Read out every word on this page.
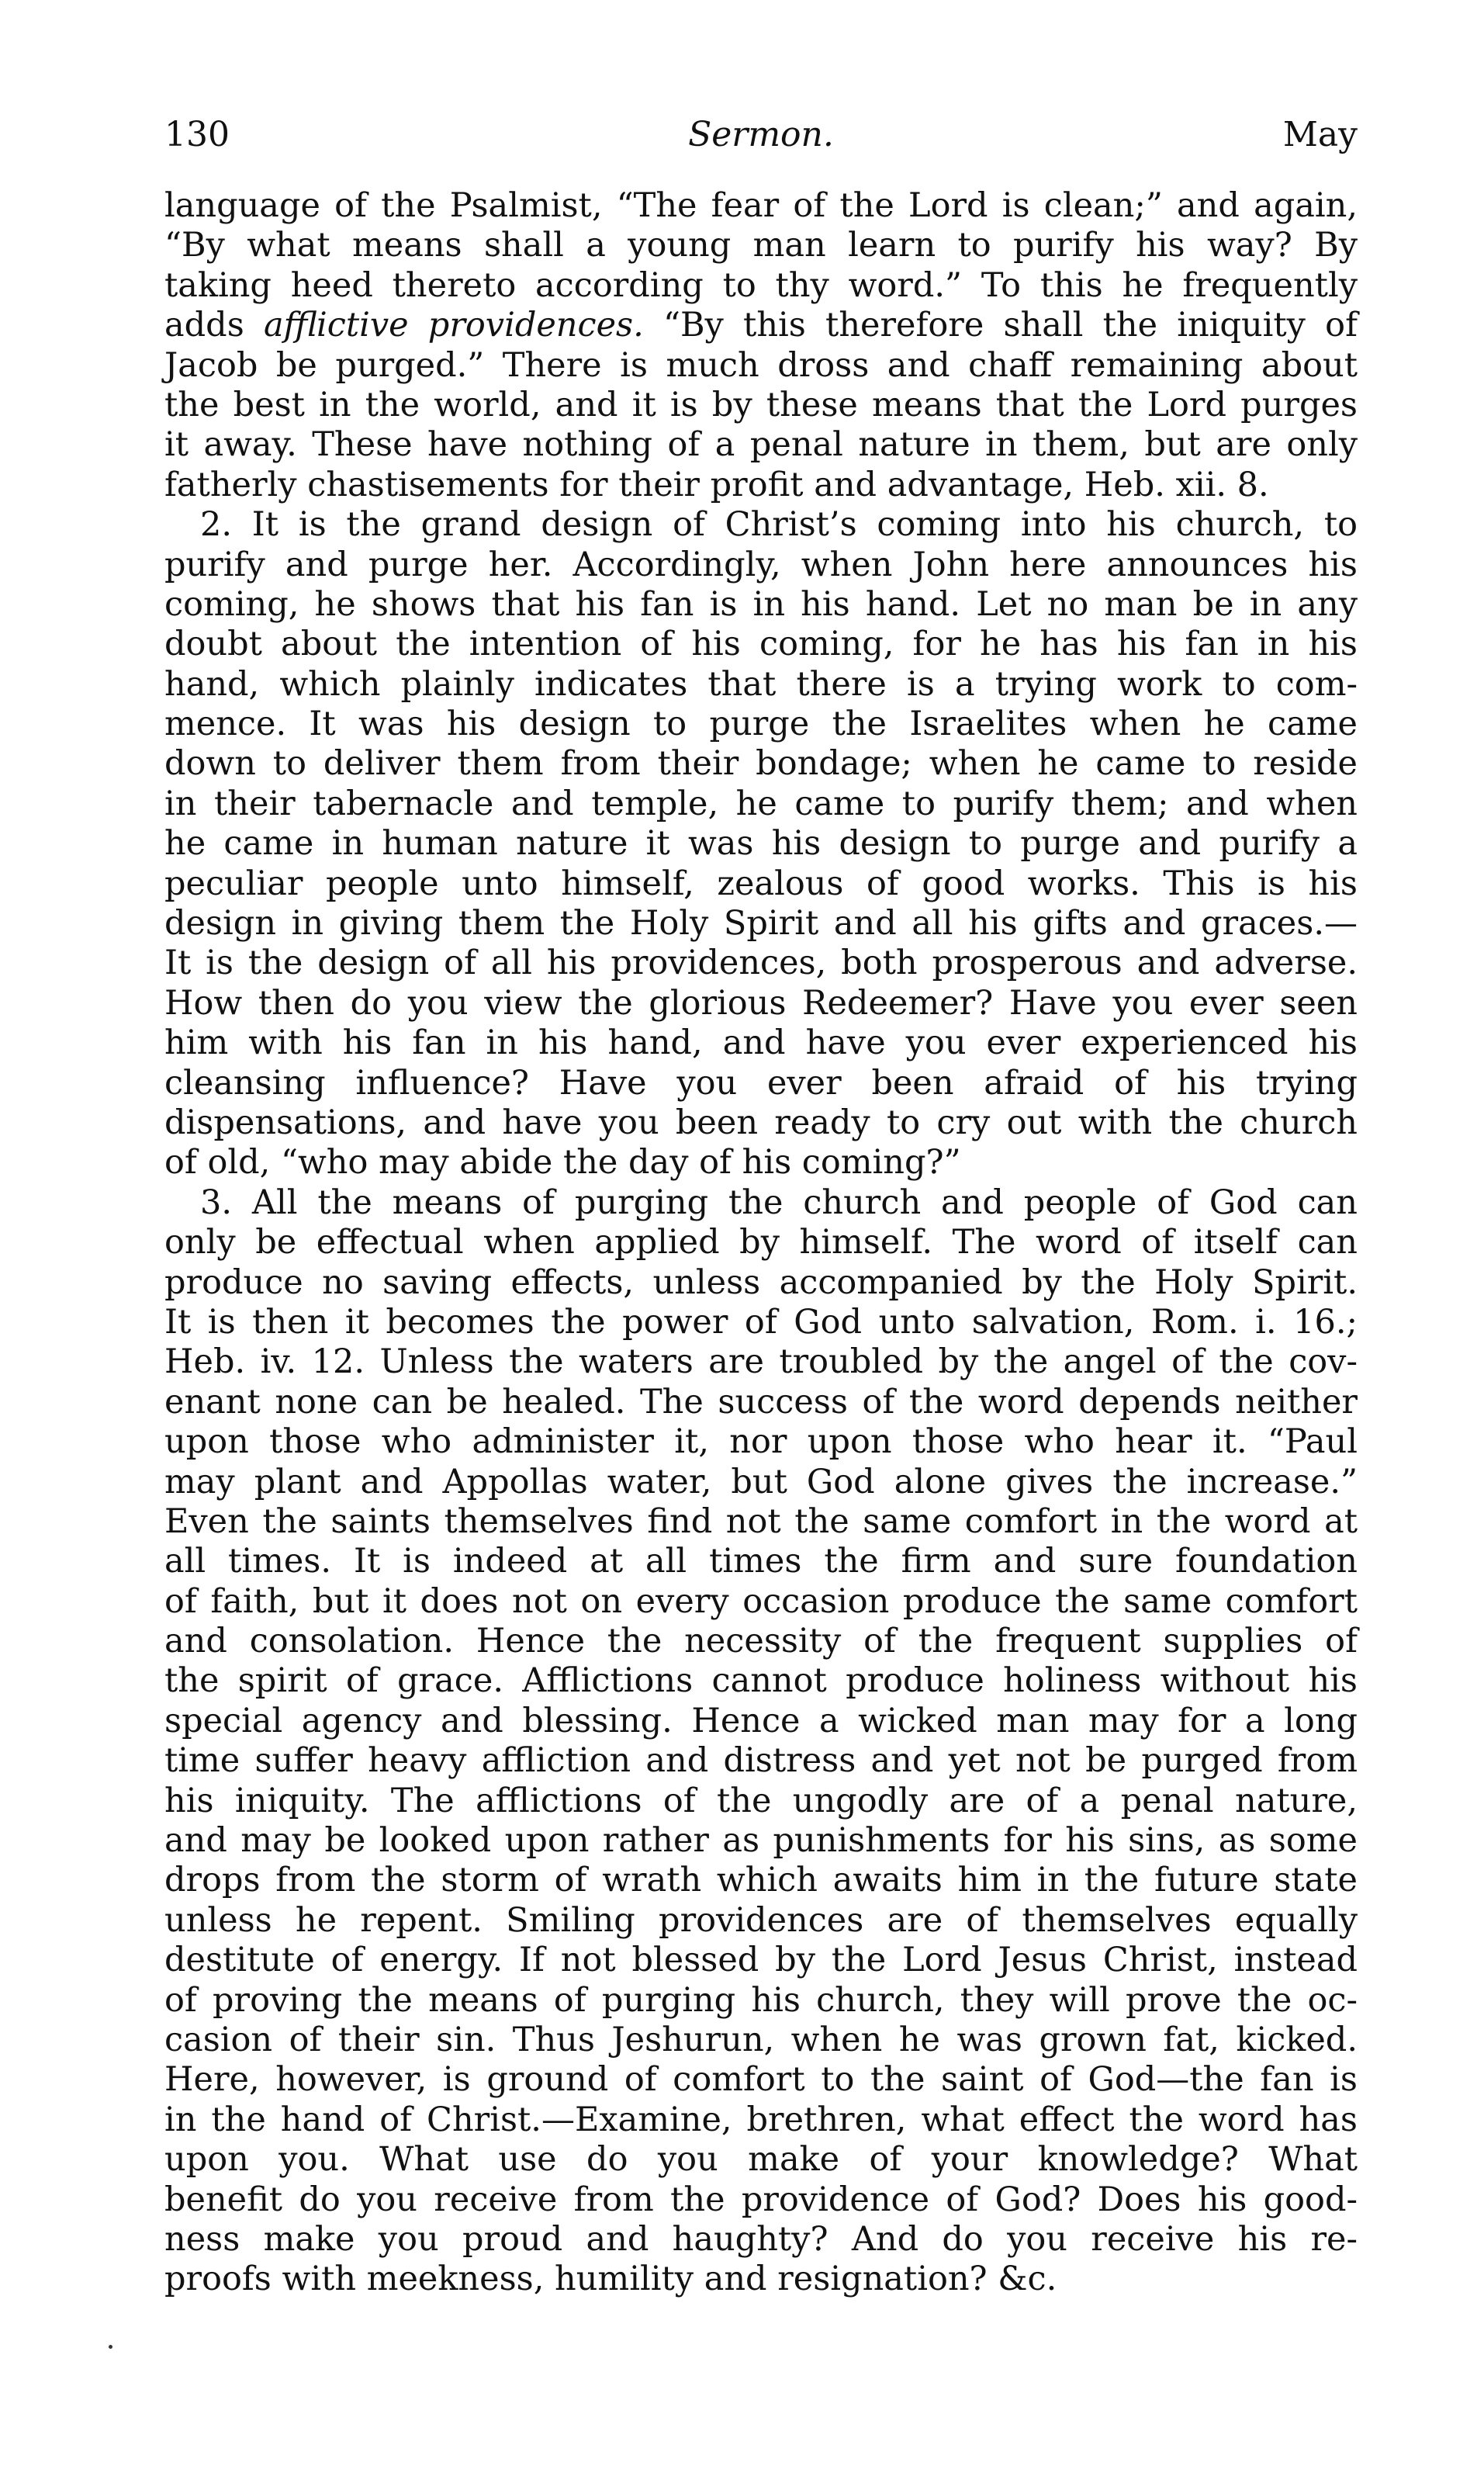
130	Sermon.	May
language of the Psalmist, “The fear of the Lord is clean;” and again,
“By what means shall a young man learn to purify his way? By
taking heed thereto according to thy word.” To this he frequently
adds afflictive providences. “By this therefore shall the iniquity of
Jacob be purged.” There is much dross and chaff remaining about
the best in the world, and it is by these means that the Lord purges
it away. These have nothing of a penal nature in them, but are only
fatherly chastisements for their profit and advantage, Heb. xii. 8.
2. It is the grand design of Christ’s coming into his church, to
purify and purge her. Accordingly, when John here announces his
coming, he shows that his fan is in his hand. Let no man be in any
doubt about the intention of his coming, for he has his fan in his
hand, which plainly indicates that there is a trying work to com-
mence. It was his design to purge the Israelites when he came
down to deliver them from their bondage; when he came to reside
in their tabernacle and temple, he came to purify them; and when
he came in human nature it was his design to purge and purify a
peculiar people unto himself, zealous of good works. This is his
design in giving them the Holy Spirit and all his gifts and graces.—
It is the design of all his providences, both prosperous and adverse.
How then do you view the glorious Redeemer? Have you ever seen
him with his fan in his hand, and have you ever experienced his
cleansing influence? Have you ever been afraid of his trying
dispensations, and have you been ready to cry out with the church
of old, “who may abide the day of his coming?”
3. All the means of purging the church and people of God can
only be effectual when applied by himself. The word of itself can
produce no saving effects, unless accompanied by the Holy Spirit.
It is then it becomes the power of God unto salvation, Rom. i. 16.;
Heb. iv. 12. Unless the waters are troubled by the angel of the cov-
enant none can be healed. The success of the word depends neither
upon those who administer it, nor upon those who hear it. “Paul
may plant and Appollas water, but God alone gives the increase.”
Even the saints themselves find not the same comfort in the word at
all times. It is indeed at all times the firm and sure foundation
of faith, but it does not on every occasion produce the same comfort
and consolation. Hence the necessity of the frequent supplies of
the spirit of grace. Afflictions cannot produce holiness without his
special agency and blessing. Hence a wicked man may for a long
time suffer heavy affliction and distress and yet not be purged from
his iniquity. The afflictions of the ungodly are of a penal nature,
and may be looked upon rather as punishments for his sins, as some
drops from the storm of wrath which awaits him in the future state
unless he repent. Smiling providences are of themselves equally
destitute of energy. If not blessed by the Lord Jesus Christ, instead
of proving the means of purging his church, they will prove the oc-
casion of their sin. Thus Jeshurun, when he was grown fat, kicked.
Here, however, is ground of comfort to the saint of God—the fan is
in the hand of Christ.—Examine, brethren, what effect the word has
upon you. What use do you make of your knowledge? What
benefit do you receive from the providence of God? Does his good-
ness make you proud and haughty? And do you receive his re-
proofs with meekness, humility and resignation? &c.
